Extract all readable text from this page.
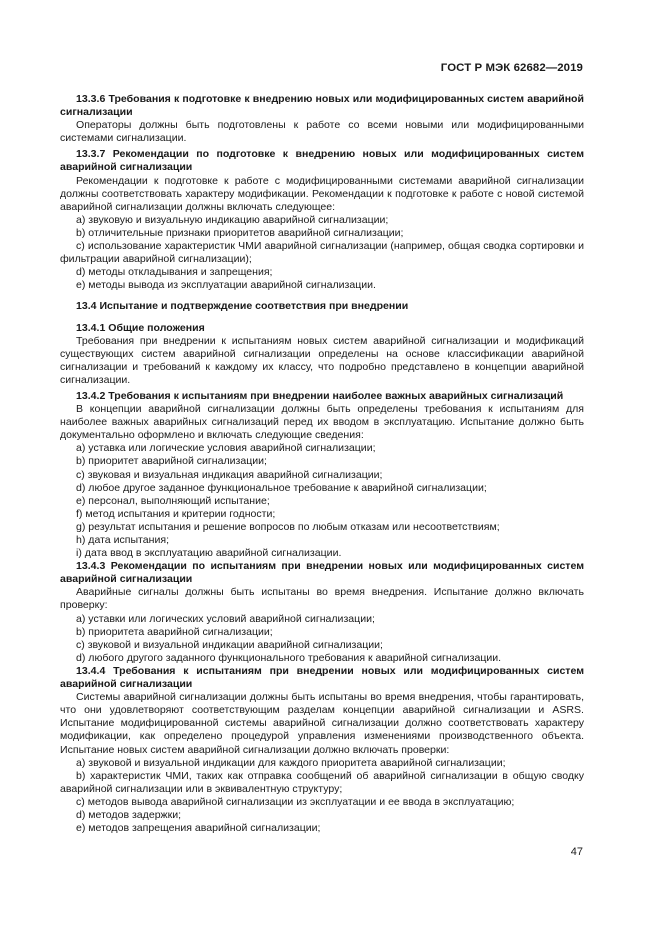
ГОСТ Р МЭК 62682—2019

13.3.6 Требования к подготовке к внедрению новых или модифицированных систем аварийной сигнализации

Операторы должны быть подготовлены к работе со всеми новыми или модифицированными системами сигнализации.

13.3.7 Рекомендации по подготовке к внедрению новых или модифицированных систем аварийной сигнализации

Рекомендации к подготовке к работе с модифицированными системами аварийной сигнализации должны соответствовать характеру модификации. Рекомендации к подготовке к работе с новой системой аварийной сигнализации должны включать следующее:

a) звуковую и визуальную индикацию аварийной сигнализации;

b) отличительные признаки приоритетов аварийной сигнализации;

c) использование характеристик ЧМИ аварийной сигнализации (например, общая сводка сортировки и фильтрации аварийной сигнализации);

d) методы откладывания и запрещения;

e) методы вывода из эксплуатации аварийной сигнализации.

13.4 Испытание и подтверждение соответствия при внедрении

13.4.1 Общие положения

Требования при внедрении к испытаниям новых систем аварийной сигнализации и модификаций существующих систем аварийной сигнализации определены на основе классификации аварийной сигнализации и требований к каждому их классу, что подробно представлено в концепции аварийной сигнализации.

13.4.2 Требования к испытаниям при внедрении наиболее важных аварийных сигнализаций

В концепции аварийной сигнализации должны быть определены требования к испытаниям для наиболее важных аварийных сигнализаций перед их вводом в эксплуатацию. Испытание должно быть документально оформлено и включать следующие сведения:

a) уставка или логические условия аварийной сигнализации;

b) приоритет аварийной сигнализации;

c) звуковая и визуальная индикация аварийной сигнализации;

d) любое другое заданное функциональное требование к аварийной сигнализации;

e) персонал, выполняющий испытание;

f) метод испытания и критерии годности;

g) результат испытания и решение вопросов по любым отказам или несоответствиям;

h) дата испытания;

i) дата ввод в эксплуатацию аварийной сигнализации.

13.4.3 Рекомендации по испытаниям при внедрении новых или модифицированных систем аварийной сигнализации

Аварийные сигналы должны быть испытаны во время внедрения. Испытание должно включать проверку:

a) уставки или логических условий аварийной сигнализации;

b) приоритета аварийной сигнализации;

c) звуковой и визуальной индикации аварийной сигнализации;

d) любого другого заданного функционального требования к аварийной сигнализации.

13.4.4 Требования к испытаниям при внедрении новых или модифицированных систем аварийной сигнализации

Системы аварийной сигнализации должны быть испытаны во время внедрения, чтобы гарантировать, что они удовлетворяют соответствующим разделам концепции аварийной сигнализации и ASRS. Испытание модифицированной системы аварийной сигнализации должно соответствовать характеру модификации, как определено процедурой управления изменениями производственного объекта. Испытание новых систем аварийной сигнализации должно включать проверки:

a) звуковой и визуальной индикации для каждого приоритета аварийной сигнализации;

b) характеристик ЧМИ, таких как отправка сообщений об аварийной сигнализации в общую сводку аварийной сигнализации или в эквивалентную структуру;

c) методов вывода аварийной сигнализации из эксплуатации и ее ввода в эксплуатацию;

d) методов задержки;

e) методов запрещения аварийной сигнализации;

47
